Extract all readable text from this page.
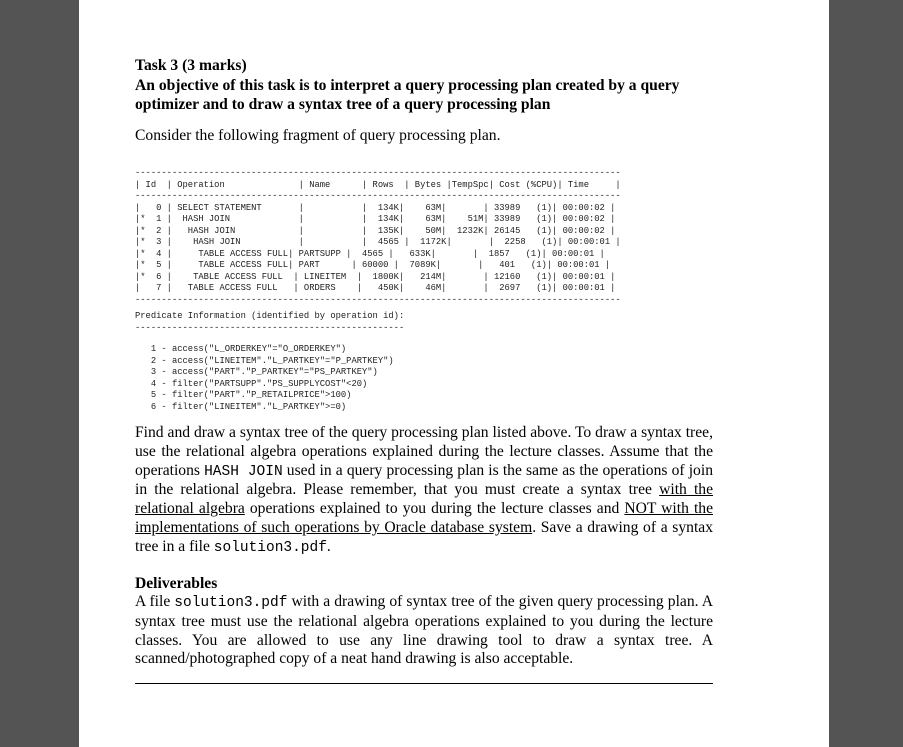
Task 3 (3 marks)
An objective of this task is to interpret a query processing plan created by a query optimizer and to draw a syntax tree of a query processing plan
Consider the following fragment of query processing plan.
--------------------------------------------------------------------------------------------
| Id  | Operation              | Name      | Rows  | Bytes |TempSpc| Cost (%CPU)| Time     |
--------------------------------------------------------------------------------------------
|   0 | SELECT STATEMENT       |           |  134K|    63M|       | 33989   (1)| 00:00:02 |
|*  1 |  HASH JOIN             |           |  134K|    63M|    51M| 33989   (1)| 00:00:02 |
|*  2 |   HASH JOIN            |           |  135K|    50M|  1232K| 26145   (1)| 00:00:02 |
|*  3 |    HASH JOIN           |           |  4565 |  1172K|       |  2258   (1)| 00:00:01 |
|*  4 |     TABLE ACCESS FULL| PARTSUPP |  4565 |   633K|       |  1857   (1)| 00:00:01 |
|*  5 |     TABLE ACCESS FULL| PART      | 60000 |  7089K|       |   401   (1)| 00:00:01 |
|*  6 |    TABLE ACCESS FULL  | LINEITEM  |  1800K|   214M|       | 12160   (1)| 00:00:01 |
|   7 |   TABLE ACCESS FULL   | ORDERS    |   450K|    46M|       |  2697   (1)| 00:00:01 |
--------------------------------------------------------------------------------------------
Predicate Information (identified by operation id):
---------------------------------------------------
1 - access("L_ORDERKEY"="O_ORDERKEY")
2 - access("LINEITEM"."L_PARTKEY"="P_PARTKEY")
3 - access("PART"."P_PARTKEY"="PS_PARTKEY")
4 - filter("PARTSUPP"."PS_SUPPLYCOST"<20)
5 - filter("PART"."P_RETAILPRICE">100)
6 - filter("LINEITEM"."L_PARTKEY">=0)

Find and draw a syntax tree of the query processing plan listed above. To draw a syntax tree, use the relational algebra operations explained during the lecture classes. Assume that the operations HASH JOIN used in a query processing plan is the same as the operations of join in the relational algebra. Please remember, that you must create a syntax tree with the relational algebra operations explained to you during the lecture classes and NOT with the implementations of such operations by Oracle database system. Save a drawing of a syntax tree in a file solution3.pdf.

Deliverables

A file solution3.pdf with a drawing of syntax tree of the given query processing plan. A syntax tree must use the relational algebra operations explained to you during the lecture classes. You are allowed to use any line drawing tool to draw a syntax tree. A scanned/photographed copy of a neat hand drawing is also acceptable.
